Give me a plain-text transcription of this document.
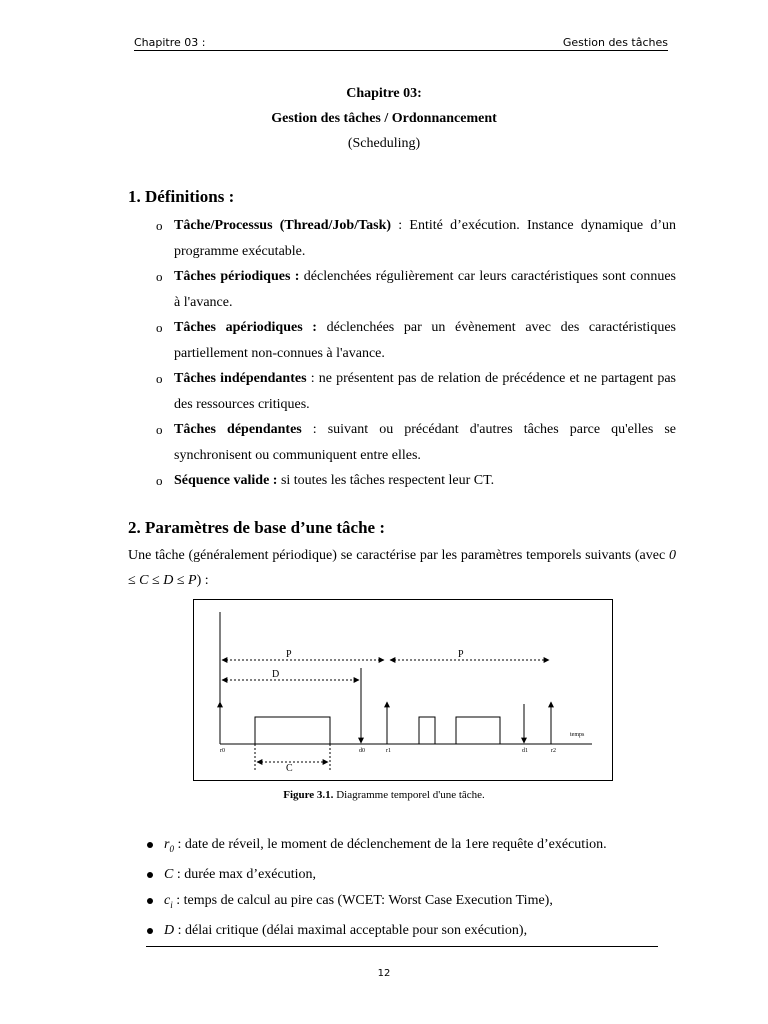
Chapitre 03 :	Gestion des tâches
Chapitre 03:
Gestion des tâches / Ordonnancement
(Scheduling)
1. Définitions :
o Tâche/Processus (Thread/Job/Task) : Entité d’exécution. Instance dynamique d’un programme exécutable.
o Tâches périodiques : déclenchées régulièrement car leurs caractéristiques sont connues à l'avance.
o Tâches apériodiques : déclenchées par un évènement avec des caractéristiques partiellement non-connues à l'avance.
o Tâches indépendantes : ne présentent pas de relation de précédence et ne partagent pas des ressources critiques.
o Tâches dépendantes : suivant ou précédant d'autres tâches parce qu'elles se synchronisent ou communiquent entre elles.
o Séquence valide : si toutes les tâches respectent leur CT.
2. Paramètres de base d’une tâche :
Une tâche (généralement périodique) se caractérise par les paramètres temporels suivants (avec 0 ≤ C ≤ D ≤ P) :
P	P
D
C
temps
r0	d0	r1	d1	r2
Figure 3.1. Diagramme temporel d'une tâche.
$r_0$ : date de réveil, le moment de déclenchement de la 1ere requête d’exécution.
C : durée max d’exécution,
$c_i$ : temps de calcul au pire cas (WCET: Worst Case Execution Time),
D : délai critique (délai maximal acceptable pour son exécution),
12
